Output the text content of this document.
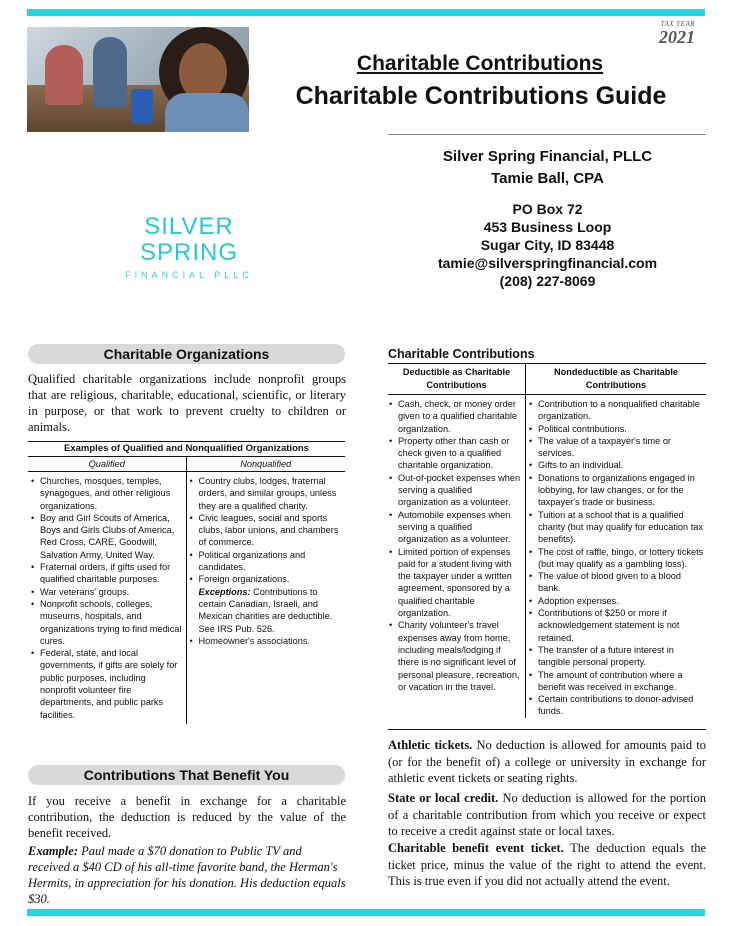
TAX YEAR
2021
Charitable Contributions
Charitable Contributions Guide
Silver Spring Financial, PLLC
Tamie Ball, CPA
PO Box 72
453 Business Loop
Sugar City, ID 83448
tamie@silverspringfinancial.com
(208) 227-8069
SILVER SPRING
FINANCIAL PLLC
Charitable Organizations
Qualified charitable organizations include nonprofit groups that are religious, charitable, educational, scientific, or literary in purpose, or that work to prevent cruelty to children or animals.
Examples of Qualified and Nonqualified Organizations
Qualified	Nonqualified
• Churches, mosques, temples, synagogues, and other religious organizations.
• Boy and Girl Scouts of America, Boys and Girls Clubs of America, Red Cross, CARE, Goodwill, Salvation Army, United Way.
• Fraternal orders, if gifts used for qualified charitable purposes.
• War veterans' groups.
• Nonprofit schools, colleges, museums, hospitals, and organizations trying to find medical cures.
• Federal, state, and local governments, if gifts are solely for public purposes, including nonprofit volunteer fire departments, and public parks facilities.
• Country clubs, lodges, fraternal orders, and similar groups, unless they are a qualified charity.
• Civic leagues, social and sports clubs, labor unions, and chambers of commerce.
• Political organizations and candidates.
• Foreign organizations.
Exceptions: Contributions to certain Canadian, Israeli, and Mexican charities are deductible. See IRS Pub. 526.
• Homeowner's associations.
Contributions That Benefit You
If you receive a benefit in exchange for a charitable contribution, the deduction is reduced by the value of the benefit received.
Example: Paul made a $70 donation to Public TV and received a $40 CD of his all-time favorite band, the Herman's Hermits, in appreciation for his donation. His deduction equals $30.
Charitable Contributions
Deductible as Charitable Contributions
Nondeductible as Charitable Contributions
• Cash, check, or money order given to a qualified charitable organization.
• Property other than cash or check given to a qualified charitable organization.
• Out-of-pocket expenses when serving a qualified organization as a volunteer.
• Automobile expenses when serving a qualified organization as a volunteer.
• Limited portion of expenses paid for a student living with the taxpayer under a written agreement, sponsored by a qualified charitable organization.
• Charity volunteer's travel expenses away from home, including meals/lodging if there is no significant level of personal pleasure, recreation, or vacation in the travel.
• Contribution to a nonqualified charitable organization.
• Political contributions.
• The value of a taxpayer's time or services.
• Gifts to an individual.
• Donations to organizations engaged in lobbying, for law changes, or for the taxpayer's trade or business.
• Tuition at a school that is a qualified charity (but may qualify for education tax benefits).
• The cost of raffle, bingo, or lottery tickets (but may qualify as a gambling loss).
• The value of blood given to a blood bank.
• Adoption expenses.
• Contributions of $250 or more if acknowledgement statement is not retained.
• The transfer of a future interest in tangible personal property.
• The amount of contribution where a benefit was received in exchange.
• Certain contributions to donor-advised funds.
Athletic tickets. No deduction is allowed for amounts paid to (or for the benefit of) a college or university in exchange for athletic event tickets or seating rights.
State or local credit. No deduction is allowed for the portion of a charitable contribution from which you receive or expect to receive a credit against state or local taxes.
Charitable benefit event ticket. The deduction equals the ticket price, minus the value of the right to attend the event. This is true even if you did not actually attend the event.
